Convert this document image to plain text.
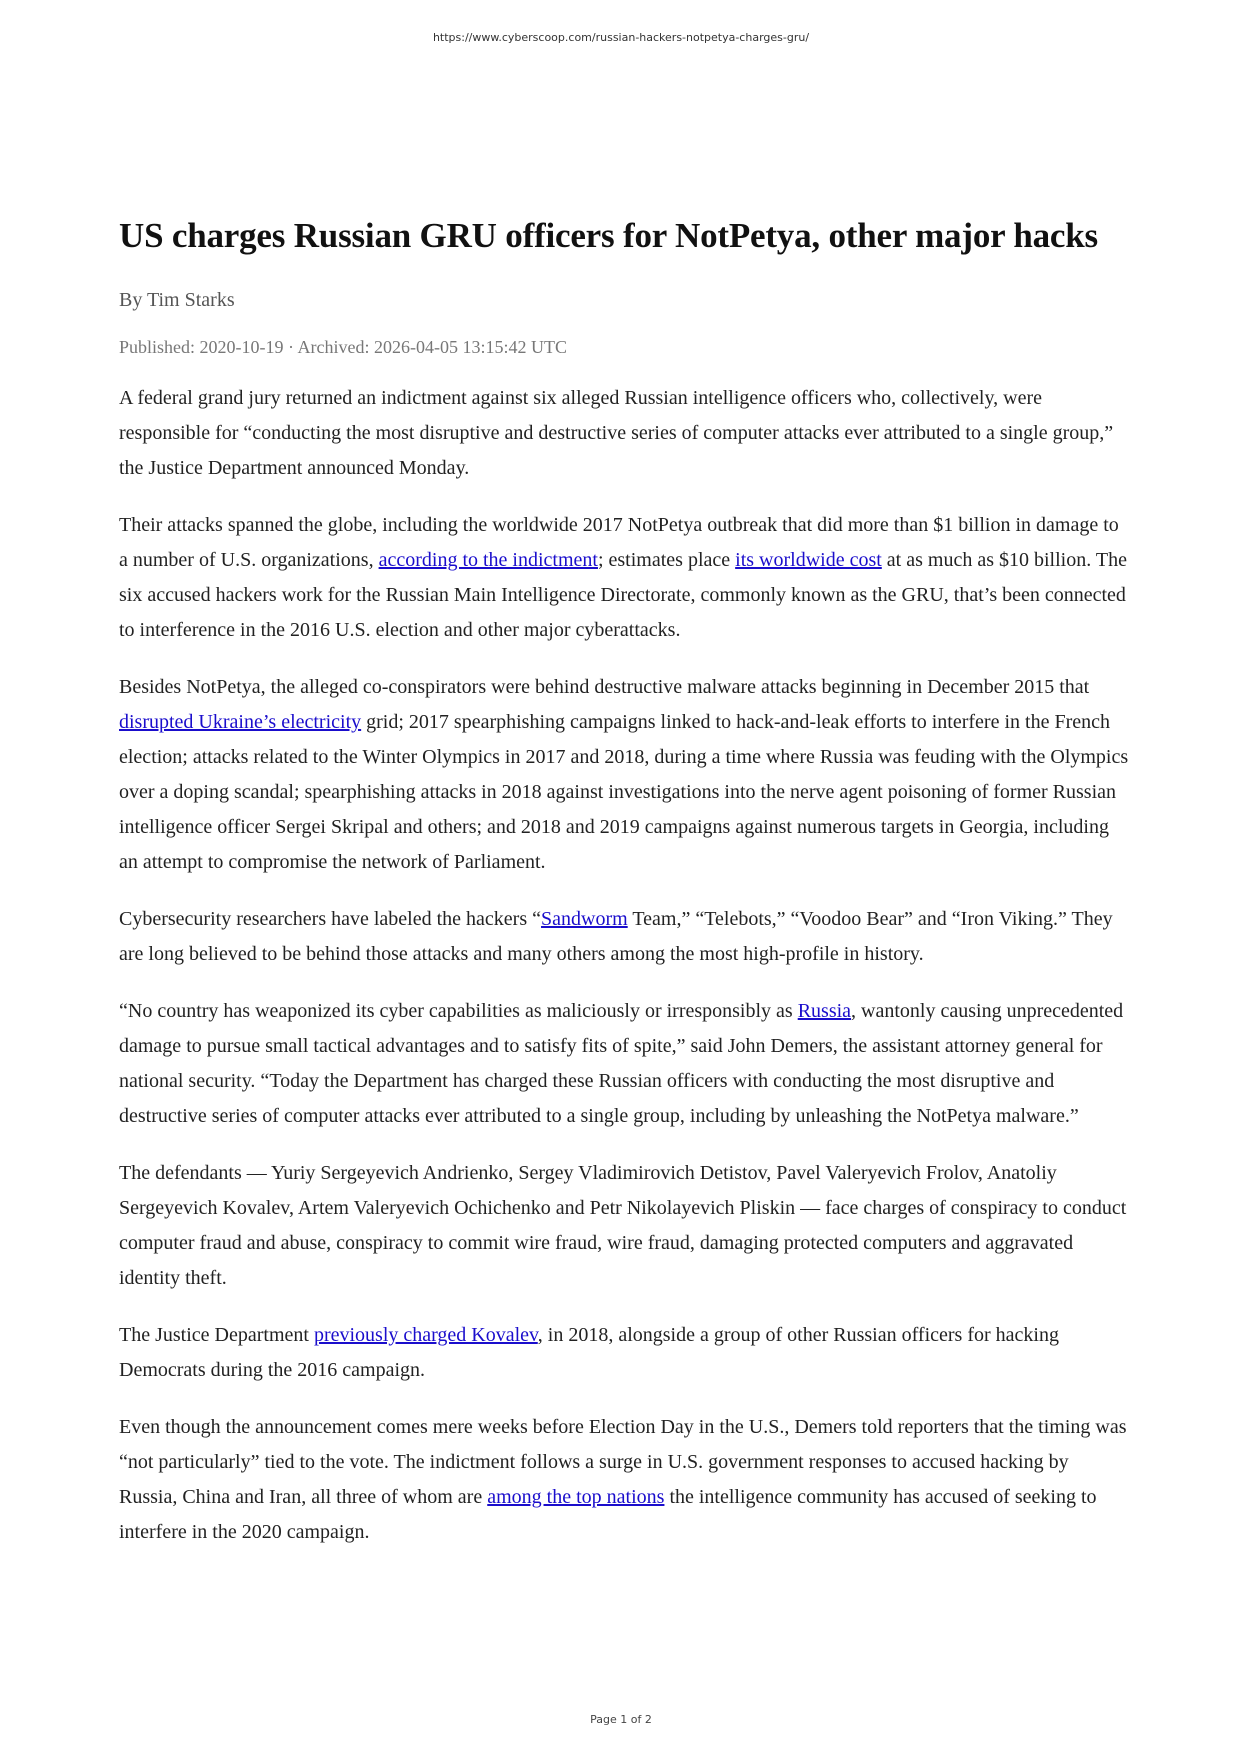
https://www.cyberscoop.com/russian-hackers-notpetya-charges-gru/
US charges Russian GRU officers for NotPetya, other major hacks
By Tim Starks
Published: 2020-10-19 · Archived: 2026-04-05 13:15:42 UTC

A federal grand jury returned an indictment against six alleged Russian intelligence officers who, collectively, were responsible for “conducting the most disruptive and destructive series of computer attacks ever attributed to a single group,” the Justice Department announced Monday.

Their attacks spanned the globe, including the worldwide 2017 NotPetya outbreak that did more than $1 billion in damage to a number of U.S. organizations, according to the indictment; estimates place its worldwide cost at as much as $10 billion. The six accused hackers work for the Russian Main Intelligence Directorate, commonly known as the GRU, that’s been connected to interference in the 2016 U.S. election and other major cyberattacks.

Besides NotPetya, the alleged co-conspirators were behind destructive malware attacks beginning in December 2015 that disrupted Ukraine’s electricity grid; 2017 spearphishing campaigns linked to hack-and-leak efforts to interfere in the French election; attacks related to the Winter Olympics in 2017 and 2018, during a time where Russia was feuding with the Olympics over a doping scandal; spearphishing attacks in 2018 against investigations into the nerve agent poisoning of former Russian intelligence officer Sergei Skripal and others; and 2018 and 2019 campaigns against numerous targets in Georgia, including an attempt to compromise the network of Parliament.

Cybersecurity researchers have labeled the hackers “Sandworm Team,” “Telebots,” “Voodoo Bear” and “Iron Viking.” They are long believed to be behind those attacks and many others among the most high-profile in history.

“No country has weaponized its cyber capabilities as maliciously or irresponsibly as Russia, wantonly causing unprecedented damage to pursue small tactical advantages and to satisfy fits of spite,” said John Demers, the assistant attorney general for national security. “Today the Department has charged these Russian officers with conducting the most disruptive and destructive series of computer attacks ever attributed to a single group, including by unleashing the NotPetya malware.”

The defendants — Yuriy Sergeyevich Andrienko, Sergey Vladimirovich Detistov, Pavel Valeryevich Frolov, Anatoliy Sergeyevich Kovalev, Artem Valeryevich Ochichenko and Petr Nikolayevich Pliskin — face charges of conspiracy to conduct computer fraud and abuse, conspiracy to commit wire fraud, wire fraud, damaging protected computers and aggravated identity theft.

The Justice Department previously charged Kovalev, in 2018, alongside a group of other Russian officers for hacking Democrats during the 2016 campaign.

Even though the announcement comes mere weeks before Election Day in the U.S., Demers told reporters that the timing was “not particularly” tied to the vote. The indictment follows a surge in U.S. government responses to accused hacking by Russia, China and Iran, all three of whom are among the top nations the intelligence community has accused of seeking to interfere in the 2020 campaign.

Page 1 of 2
